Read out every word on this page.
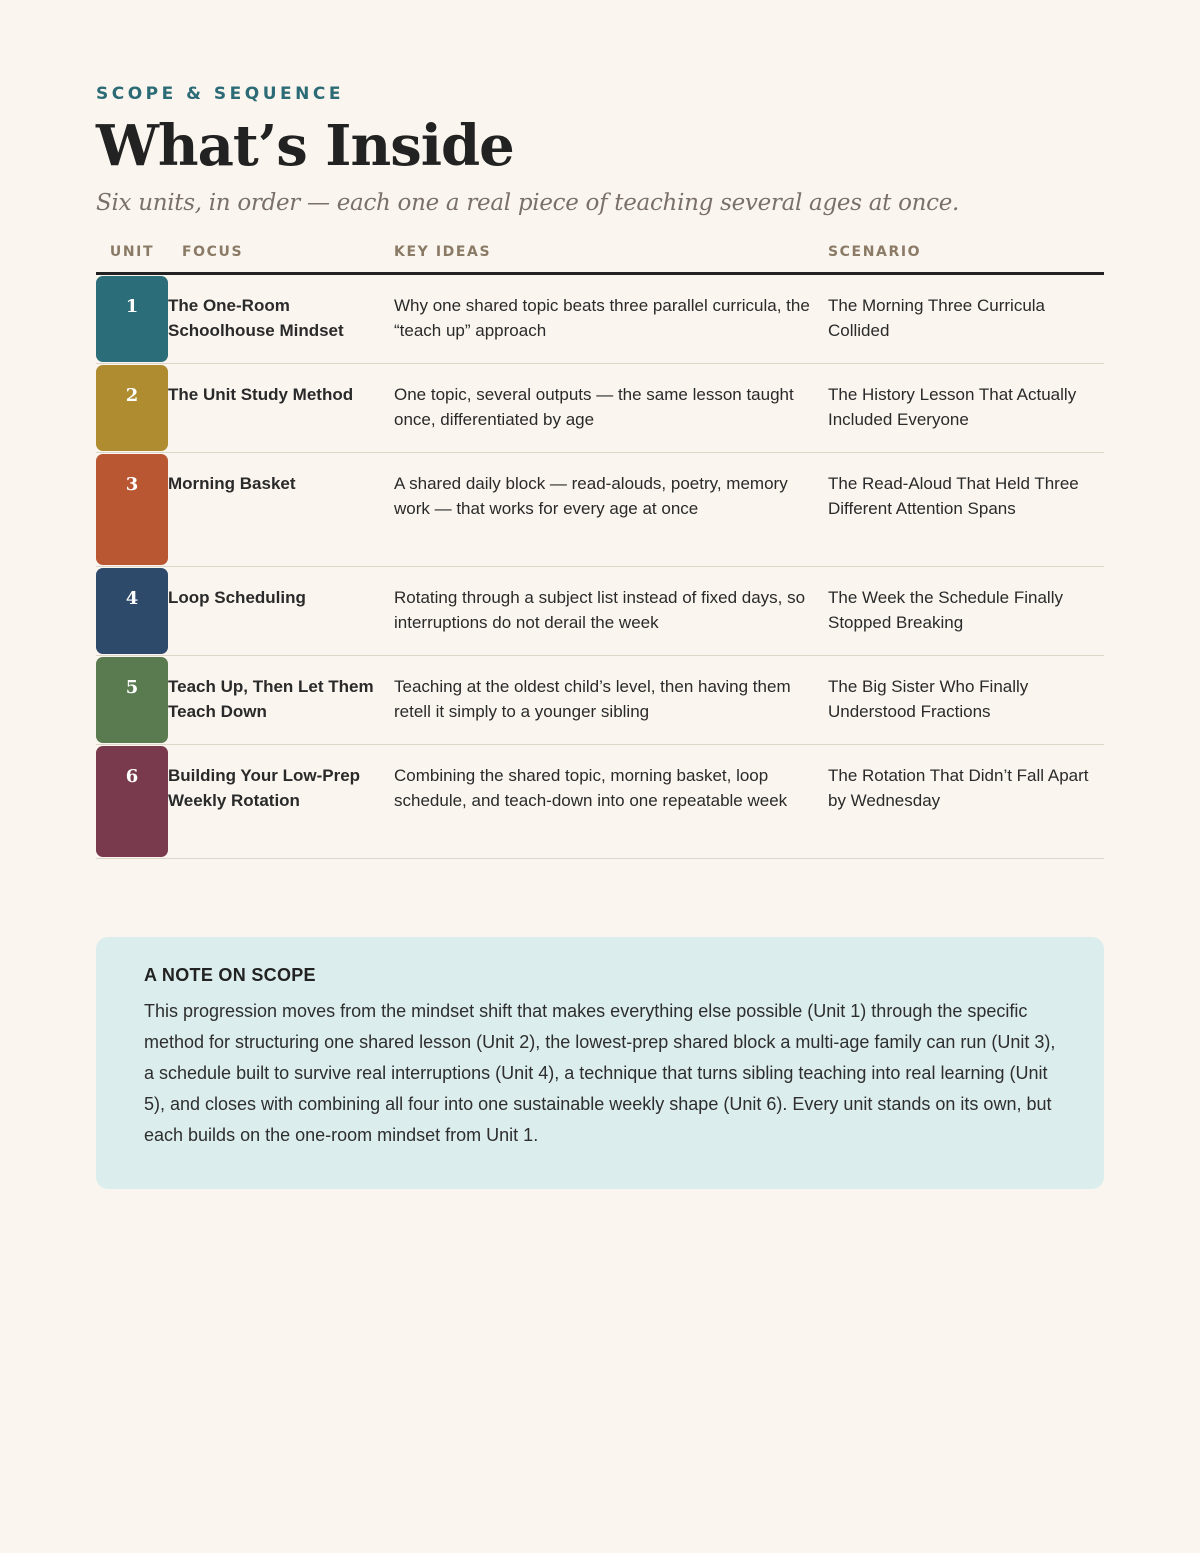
SCOPE & SEQUENCE

What’s Inside

Six units, in order — each one a real piece of teaching several ages at once.

UNIT	FOCUS	KEY IDEAS	SCENARIO

1	The One-Room Schoolhouse Mindset	Why one shared topic beats three parallel curricula, the “teach up” approach	The Morning Three Curricula Collided

2	The Unit Study Method	One topic, several outputs — the same lesson taught once, differentiated by age	The History Lesson That Actually Included Everyone

3	Morning Basket	A shared daily block — read-alouds, poetry, memory work — that works for every age at once	The Read-Aloud That Held Three Different Attention Spans

4	Loop Scheduling	Rotating through a subject list instead of fixed days, so interruptions do not derail the week	The Week the Schedule Finally Stopped Breaking

5	Teach Up, Then Let Them Teach Down	Teaching at the oldest child’s level, then having them retell it simply to a younger sibling	The Big Sister Who Finally Understood Fractions

6	Building Your Low-Prep Weekly Rotation	Combining the shared topic, morning basket, loop schedule, and teach-down into one repeatable week	The Rotation That Didn’t Fall Apart by Wednesday

A NOTE ON SCOPE

This progression moves from the mindset shift that makes everything else possible (Unit 1) through the specific method for structuring one shared lesson (Unit 2), the lowest-prep shared block a multi-age family can run (Unit 3), a schedule built to survive real interruptions (Unit 4), a technique that turns sibling teaching into real learning (Unit 5), and closes with combining all four into one sustainable weekly shape (Unit 6). Every unit stands on its own, but each builds on the one-room mindset from Unit 1.
